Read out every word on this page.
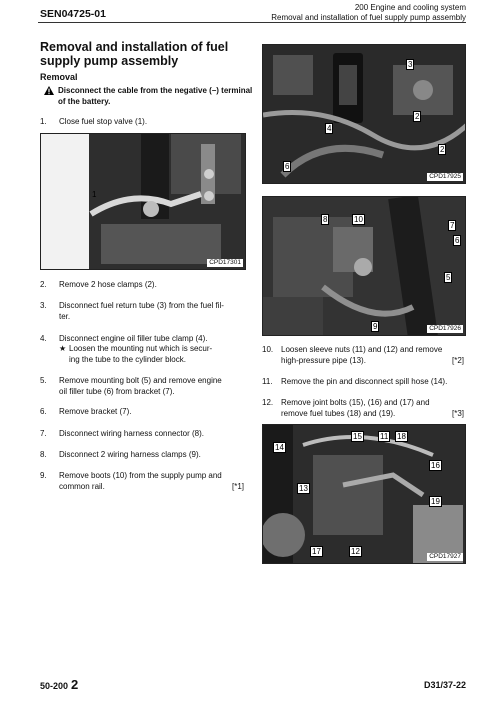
SEN04725-01
200 Engine and cooling system
Removal and installation of fuel supply pump assembly
Removal and installation of fuel supply pump assembly
Removal
Disconnect the cable from the negative (–) terminal of the battery.
1. Close fuel stop valve (1).
1
CPD17301
2. Remove 2 hose clamps (2).
3. Disconnect fuel return tube (3) from the fuel fil-
ter.
4. Disconnect engine oil filler tube clamp (4).
★ Loosen the mounting nut which is secur-
ing the tube to the cylinder block.
5. Remove mounting bolt (5) and remove engine
oil filler tube (6) from bracket (7).
6. Remove bracket (7).
7. Disconnect wiring harness connector (8).
8. Disconnect 2 wiring harness clamps (9).
9. Remove boots (10) from the supply pump and
common rail.	[*1]
3
2
4
2
6
CPD17925
8	10
7
6
5
9	CPD17926
10. Loosen sleeve nuts (11) and (12) and remove
high-pressure pipe (13).	[*2]
11. Remove the pin and disconnect spill hose (14).
12. Remove joint bolts (15), (16) and (17) and
remove fuel tubes (18) and (19).	[*3]
15 11 18
14
16
13
19
17	12
CPD17927
50-200 2	D31/37-22
